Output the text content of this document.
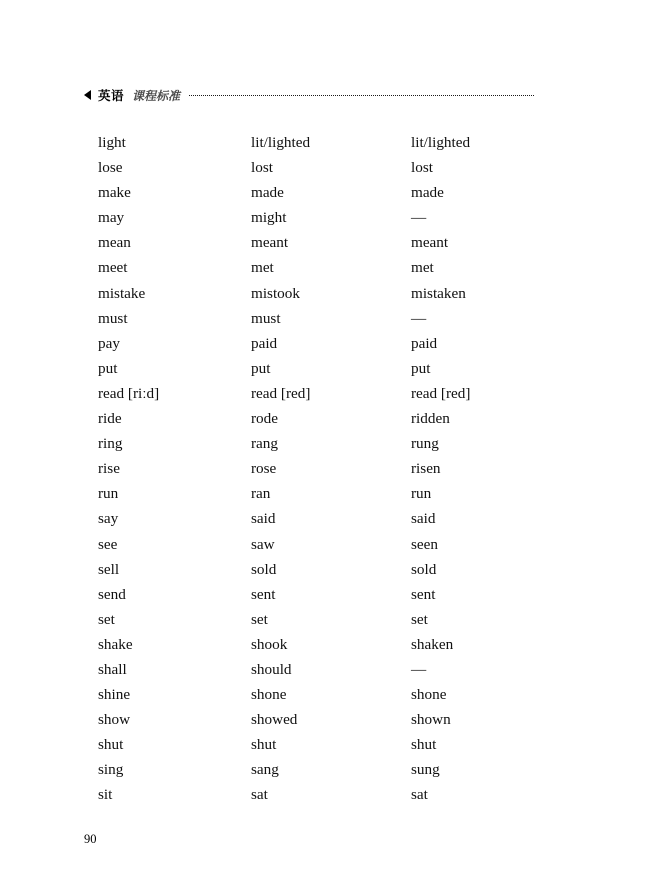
英语 课程标准
light	lit/lighted	lit/lighted
lose	lost	lost
make	made	made
may	might	—
mean	meant	meant
meet	met	met
mistake	mistook	mistaken
must	must	—
pay	paid	paid
put	put	put
read [riːd]	read [red]	read [red]
ride	rode	ridden
ring	rang	rung
rise	rose	risen
run	ran	run
say	said	said
see	saw	seen
sell	sold	sold
send	sent	sent
set	set	set
shake	shook	shaken
shall	should	—
shine	shone	shone
show	showed	shown
shut	shut	shut
sing	sang	sung
sit	sat	sat
90
